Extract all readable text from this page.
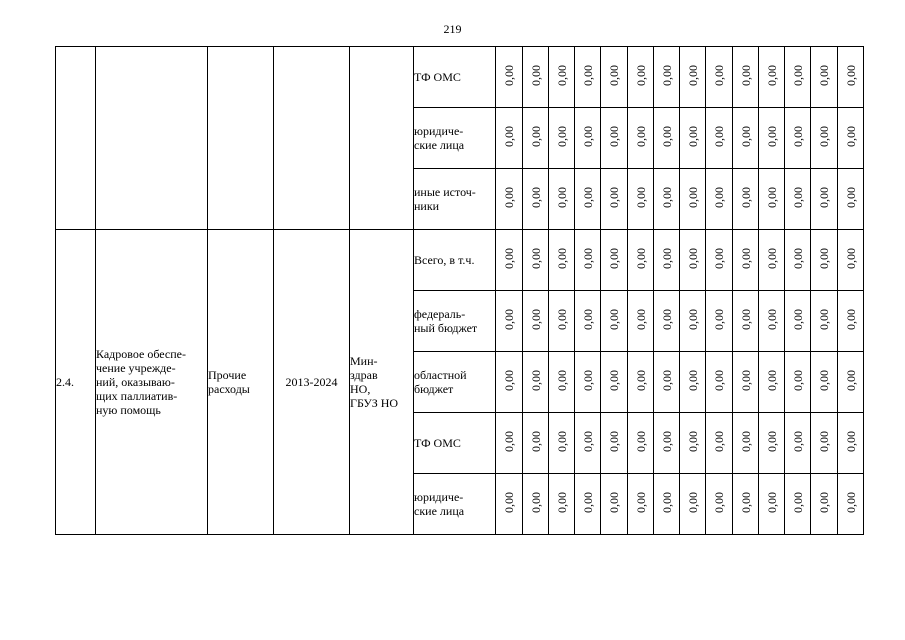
219

					ТФ ОМС	0,00	0,00	0,00	0,00	0,00	0,00	0,00	0,00	0,00	0,00	0,00	0,00	0,00	0,00

					юридиче-
ские лица	0,00	0,00	0,00	0,00	0,00	0,00	0,00	0,00	0,00	0,00	0,00	0,00	0,00	0,00

					иные источ-
ники	0,00	0,00	0,00	0,00	0,00	0,00	0,00	0,00	0,00	0,00	0,00	0,00	0,00	0,00

2.4.	Кадровое обеспе-
чение учрежде-
ний, оказываю-
щих паллиатив-
ную помощь	Прочие
расходы	2013-2024	Мин-
здрав
НО,
ГБУЗ НО	Всего, в т.ч.	0,00	0,00	0,00	0,00	0,00	0,00	0,00	0,00	0,00	0,00	0,00	0,00	0,00	0,00

					федераль-
ный бюджет	0,00	0,00	0,00	0,00	0,00	0,00	0,00	0,00	0,00	0,00	0,00	0,00	0,00	0,00

					областной
бюджет	0,00	0,00	0,00	0,00	0,00	0,00	0,00	0,00	0,00	0,00	0,00	0,00	0,00	0,00

					ТФ ОМС	0,00	0,00	0,00	0,00	0,00	0,00	0,00	0,00	0,00	0,00	0,00	0,00	0,00	0,00

					юридиче-
ские лица	0,00	0,00	0,00	0,00	0,00	0,00	0,00	0,00	0,00	0,00	0,00	0,00	0,00	0,00
